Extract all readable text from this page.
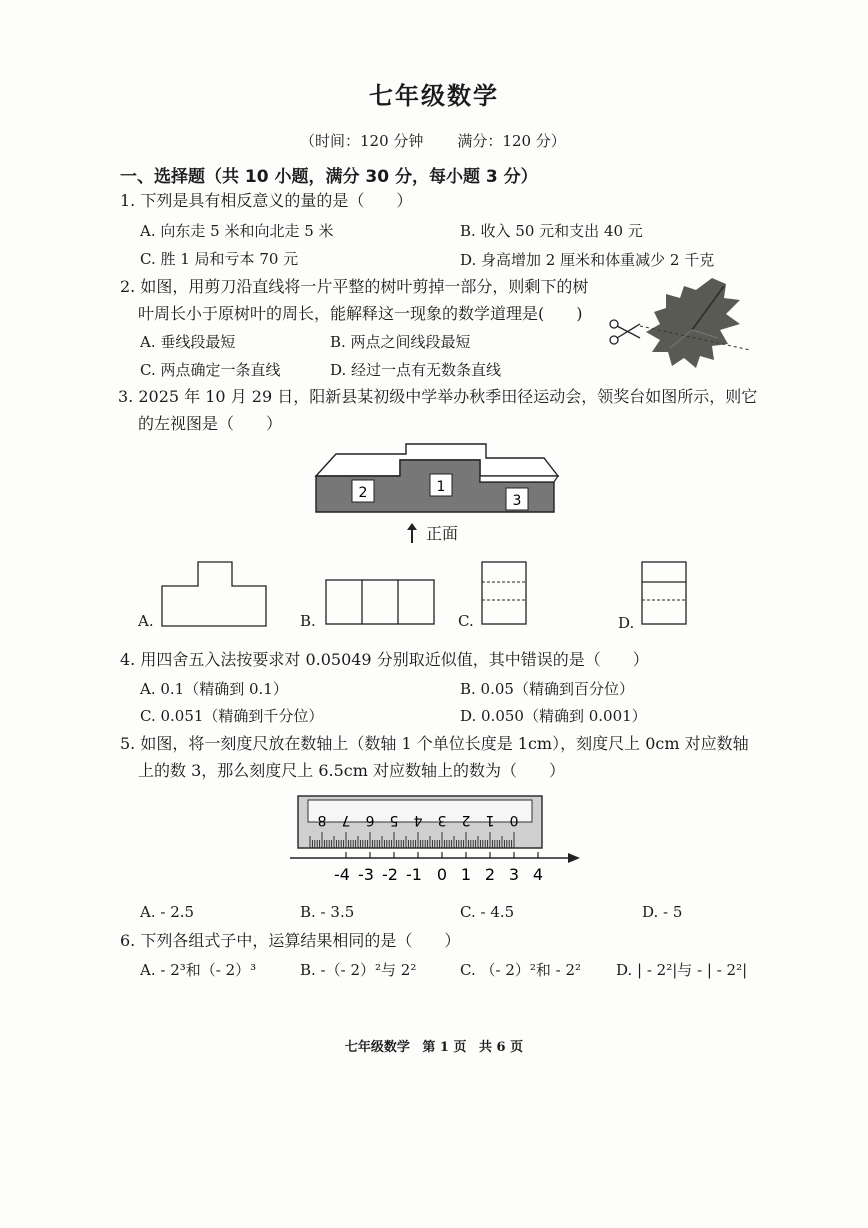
七年级数学
（时间：120 分钟 满分：120 分）
一、选择题（共 10 小题，满分 30 分，每小题 3 分）
1. 下列是具有相反意义的量的是（　　）
A. 向东走 5 米和向北走 5 米	B. 收入 50 元和支出 40 元
C. 胜 1 局和亏本 70 元	D. 身高增加 2 厘米和体重减少 2 千克
2. 如图，用剪刀沿直线将一片平整的树叶剪掉一部分，则剩下的树
叶周长小于原树叶的周长，能解释这一现象的数学道理是(　　)
A. 垂线段最短	B. 两点之间线段最短
C. 两点确定一条直线	D. 经过一点有无数条直线
3. 2025 年 10 月 29 日，阳新县某初级中学举办秋季田径运动会，领奖台如图所示，则它
的左视图是（　　）
2	1
3
正面
A.	B.	C.	D.
4. 用四舍五入法按要求对 0.05049 分别取近似值，其中错误的是（　　）
A. 0.1（精确到 0.1）	B. 0.05（精确到百分位）
C. 0.051（精确到千分位）	D. 0.050（精确到 0.001）
5. 如图，将一刻度尺放在数轴上（数轴 1 个单位长度是 1cm），刻度尺上 0cm 对应数轴
上的数 3，那么刻度尺上 6.5cm 对应数轴上的数为（　　）
8 7 6 5 4 3 2 1 0
-4 -3 -2 -1 0 1 2 3 4
A. - 2.5	B. - 3.5	C. - 4.5	D. - 5
6. 下列各组式子中，运算结果相同的是（　　）
A. - 2³和（- 2）³	B. -（- 2）²与 2²	C. （- 2）²和 - 2² D. | - 2²|与 - | - 2²|
七年级数学 第 1 页 共 6 页
